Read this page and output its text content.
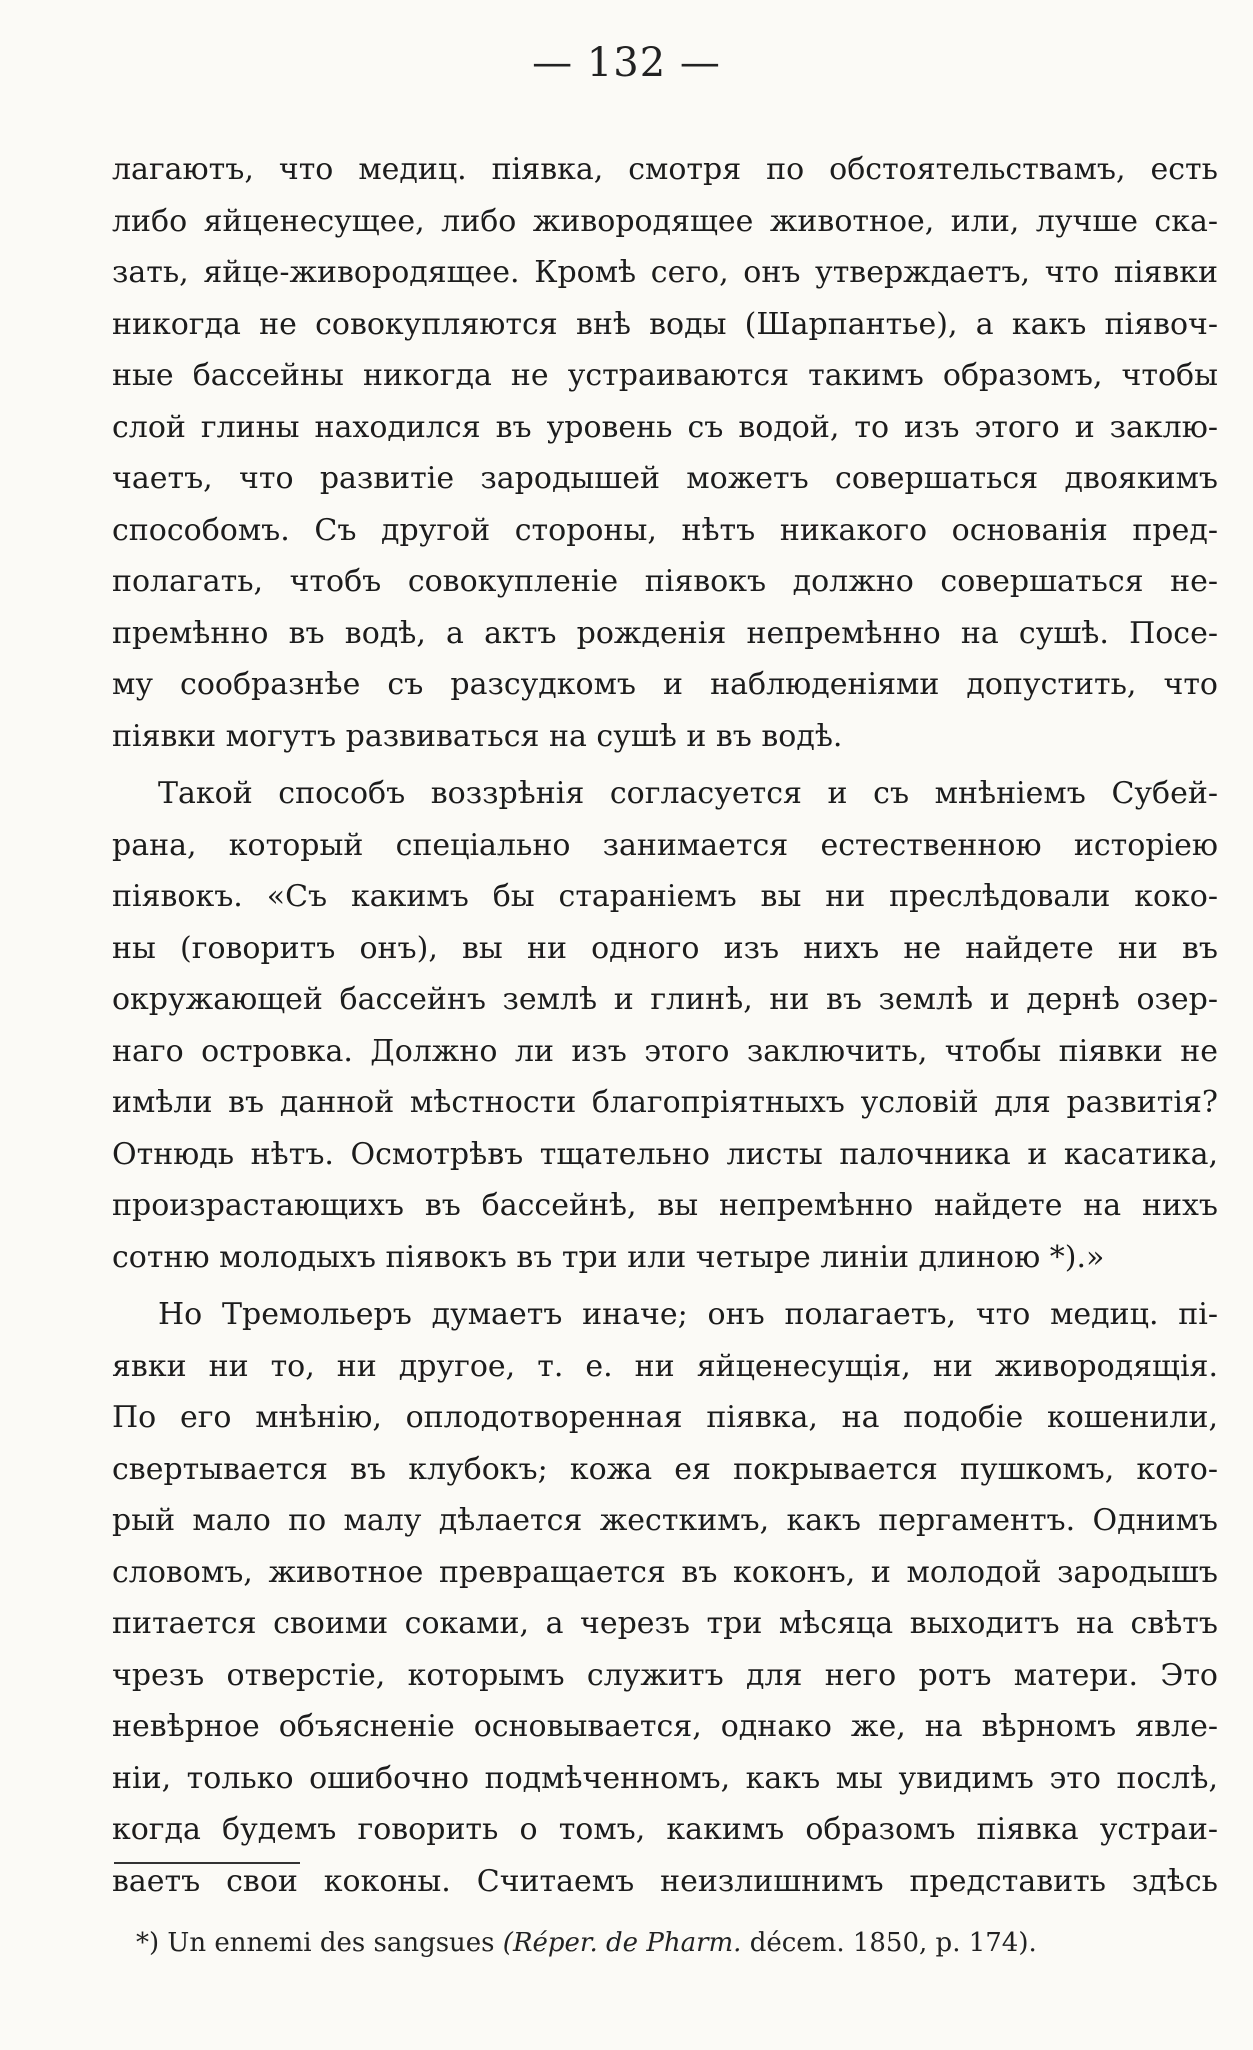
— 132 —
лагаютъ, что медиц. піявка, смотря по обстоятельствамъ, есть
либо яйценесущее, либо живородящее животное, или, лучше ска-
зать, яйце-живородящее. Кромѣ сего, онъ утверждаетъ, что піявки
никогда не совокупляются внѣ воды (Шарпантье), а какъ піявоч-
ные бассейны никогда не устраиваются такимъ образомъ, чтобы
слой глины находился въ уровень съ водой, то изъ этого и заклю-
чаетъ, что развитіе зародышей можетъ совершаться двоякимъ
способомъ. Съ другой стороны, нѣтъ никакого основанія пред-
полагать, чтобъ совокупленіе піявокъ должно совершаться не-
премѣнно въ водѣ, а актъ рожденія непремѣнно на сушѣ. Посе-
му сообразнѣе съ разсудкомъ и наблюденіями допустить, что
піявки могутъ развиваться на сушѣ и въ водѣ.
Такой способъ воззрѣнія согласуется и съ мнѣніемъ Субей-
рана, который спеціально занимается естественною исторіею
піявокъ. «Съ какимъ бы стараніемъ вы ни преслѣдовали коко-
ны (говоритъ онъ), вы ни одного изъ нихъ не найдете ни въ
окружающей бассейнъ землѣ и глинѣ, ни въ землѣ и дернѣ озер-
наго островка. Должно ли изъ этого заключить, чтобы піявки не
имѣли въ данной мѣстности благопріятныхъ условій для развитія?
Отнюдь нѣтъ. Осмотрѣвъ тщательно листы палочника и касатика,
произрастающихъ въ бассейнѣ, вы непремѣнно найдете на нихъ
сотню молодыхъ піявокъ въ три или четыре линіи длиною *).»
Но Тремольеръ думаетъ иначе; онъ полагаетъ, что медиц. пі-
явки ни то, ни другое, т. е. ни яйценесущія, ни живородящія.
По его мнѣнію, оплодотворенная піявка, на подобіе кошенили,
свертывается въ клубокъ; кожа ея покрывается пушкомъ, кото-
рый мало по малу дѣлается жесткимъ, какъ пергаментъ. Однимъ
словомъ, животное превращается въ коконъ, и молодой зародышъ
питается своими соками, а черезъ три мѣсяца выходитъ на свѣтъ
чрезъ отверстіе, которымъ служитъ для него ротъ матери. Это
невѣрное объясненіе основывается, однако же, на вѣрномъ явле-
ніи, только ошибочно подмѣченномъ, какъ мы увидимъ это послѣ,
когда будемъ говорить о томъ, какимъ образомъ піявка устраи-
ваетъ свои коконы. Считаемъ неизлишнимъ представить здѣсь
*) Un ennemi des sangsues (Réper. de Pharm. décem. 1850, p. 174).
